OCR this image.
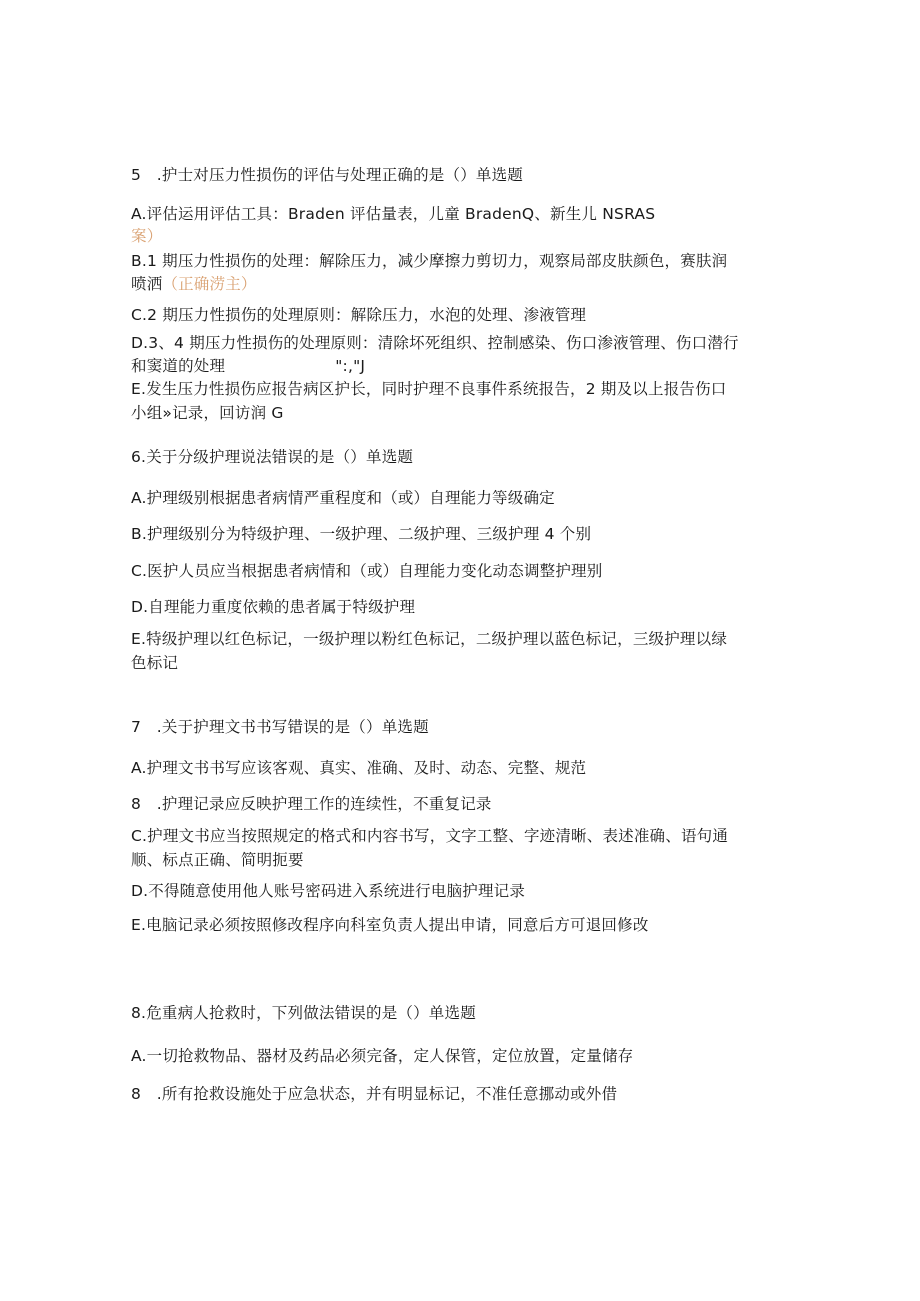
5　.护士对压力性损伤的评估与处理正确的是（）单选题
A.评估运用评估工具：Braden 评估量表，儿童 BradenQ、新生儿 NSRAS
案）
B.1 期压力性损伤的处理：解除压力，减少摩擦力剪切力，观察局部皮肤颜色，赛肤润
喷洒（正确涝主）
C.2 期压力性损伤的处理原则：解除压力，水泡的处理、渗液管理
D.3、4 期压力性损伤的处理原则：清除坏死组织、控制感染、伤口渗液管理、伤口潜行
和窦道的处理	":,"J
E.发生压力性损伤应报告病区护长，同时护理不良事件系统报告，2 期及以上报告伤口
小组»记录，回访润 G
6.关于分级护理说法错误的是（）单选题
A.护理级别根据患者病情严重程度和（或）自理能力等级确定
B.护理级别分为特级护理、一级护理、二级护理、三级护理 4 个别
C.医护人员应当根据患者病情和（或）自理能力变化动态调整护理别
D.自理能力重度依赖的患者属于特级护理
E.特级护理以红色标记，一级护理以粉红色标记，二级护理以蓝色标记，三级护理以绿
色标记
7　.关于护理文书书写错误的是（）单选题
A.护理文书书写应该客观、真实、准确、及时、动态、完整、规范
8　.护理记录应反映护理工作的连续性，不重复记录
C.护理文书应当按照规定的格式和内容书写，文字工整、字迹清晰、表述准确、语句通
顺、标点正确、简明扼要
D.不得随意使用他人账号密码进入系统进行电脑护理记录
E.电脑记录必须按照修改程序向科室负责人提出申请，同意后方可退回修改
8.危重病人抢救时，下列做法错误的是（）单选题
A.一切抢救物品、器材及药品必须完备，定人保管，定位放置，定量储存
8　.所有抢救设施处于应急状态，并有明显标记，不准任意挪动或外借
